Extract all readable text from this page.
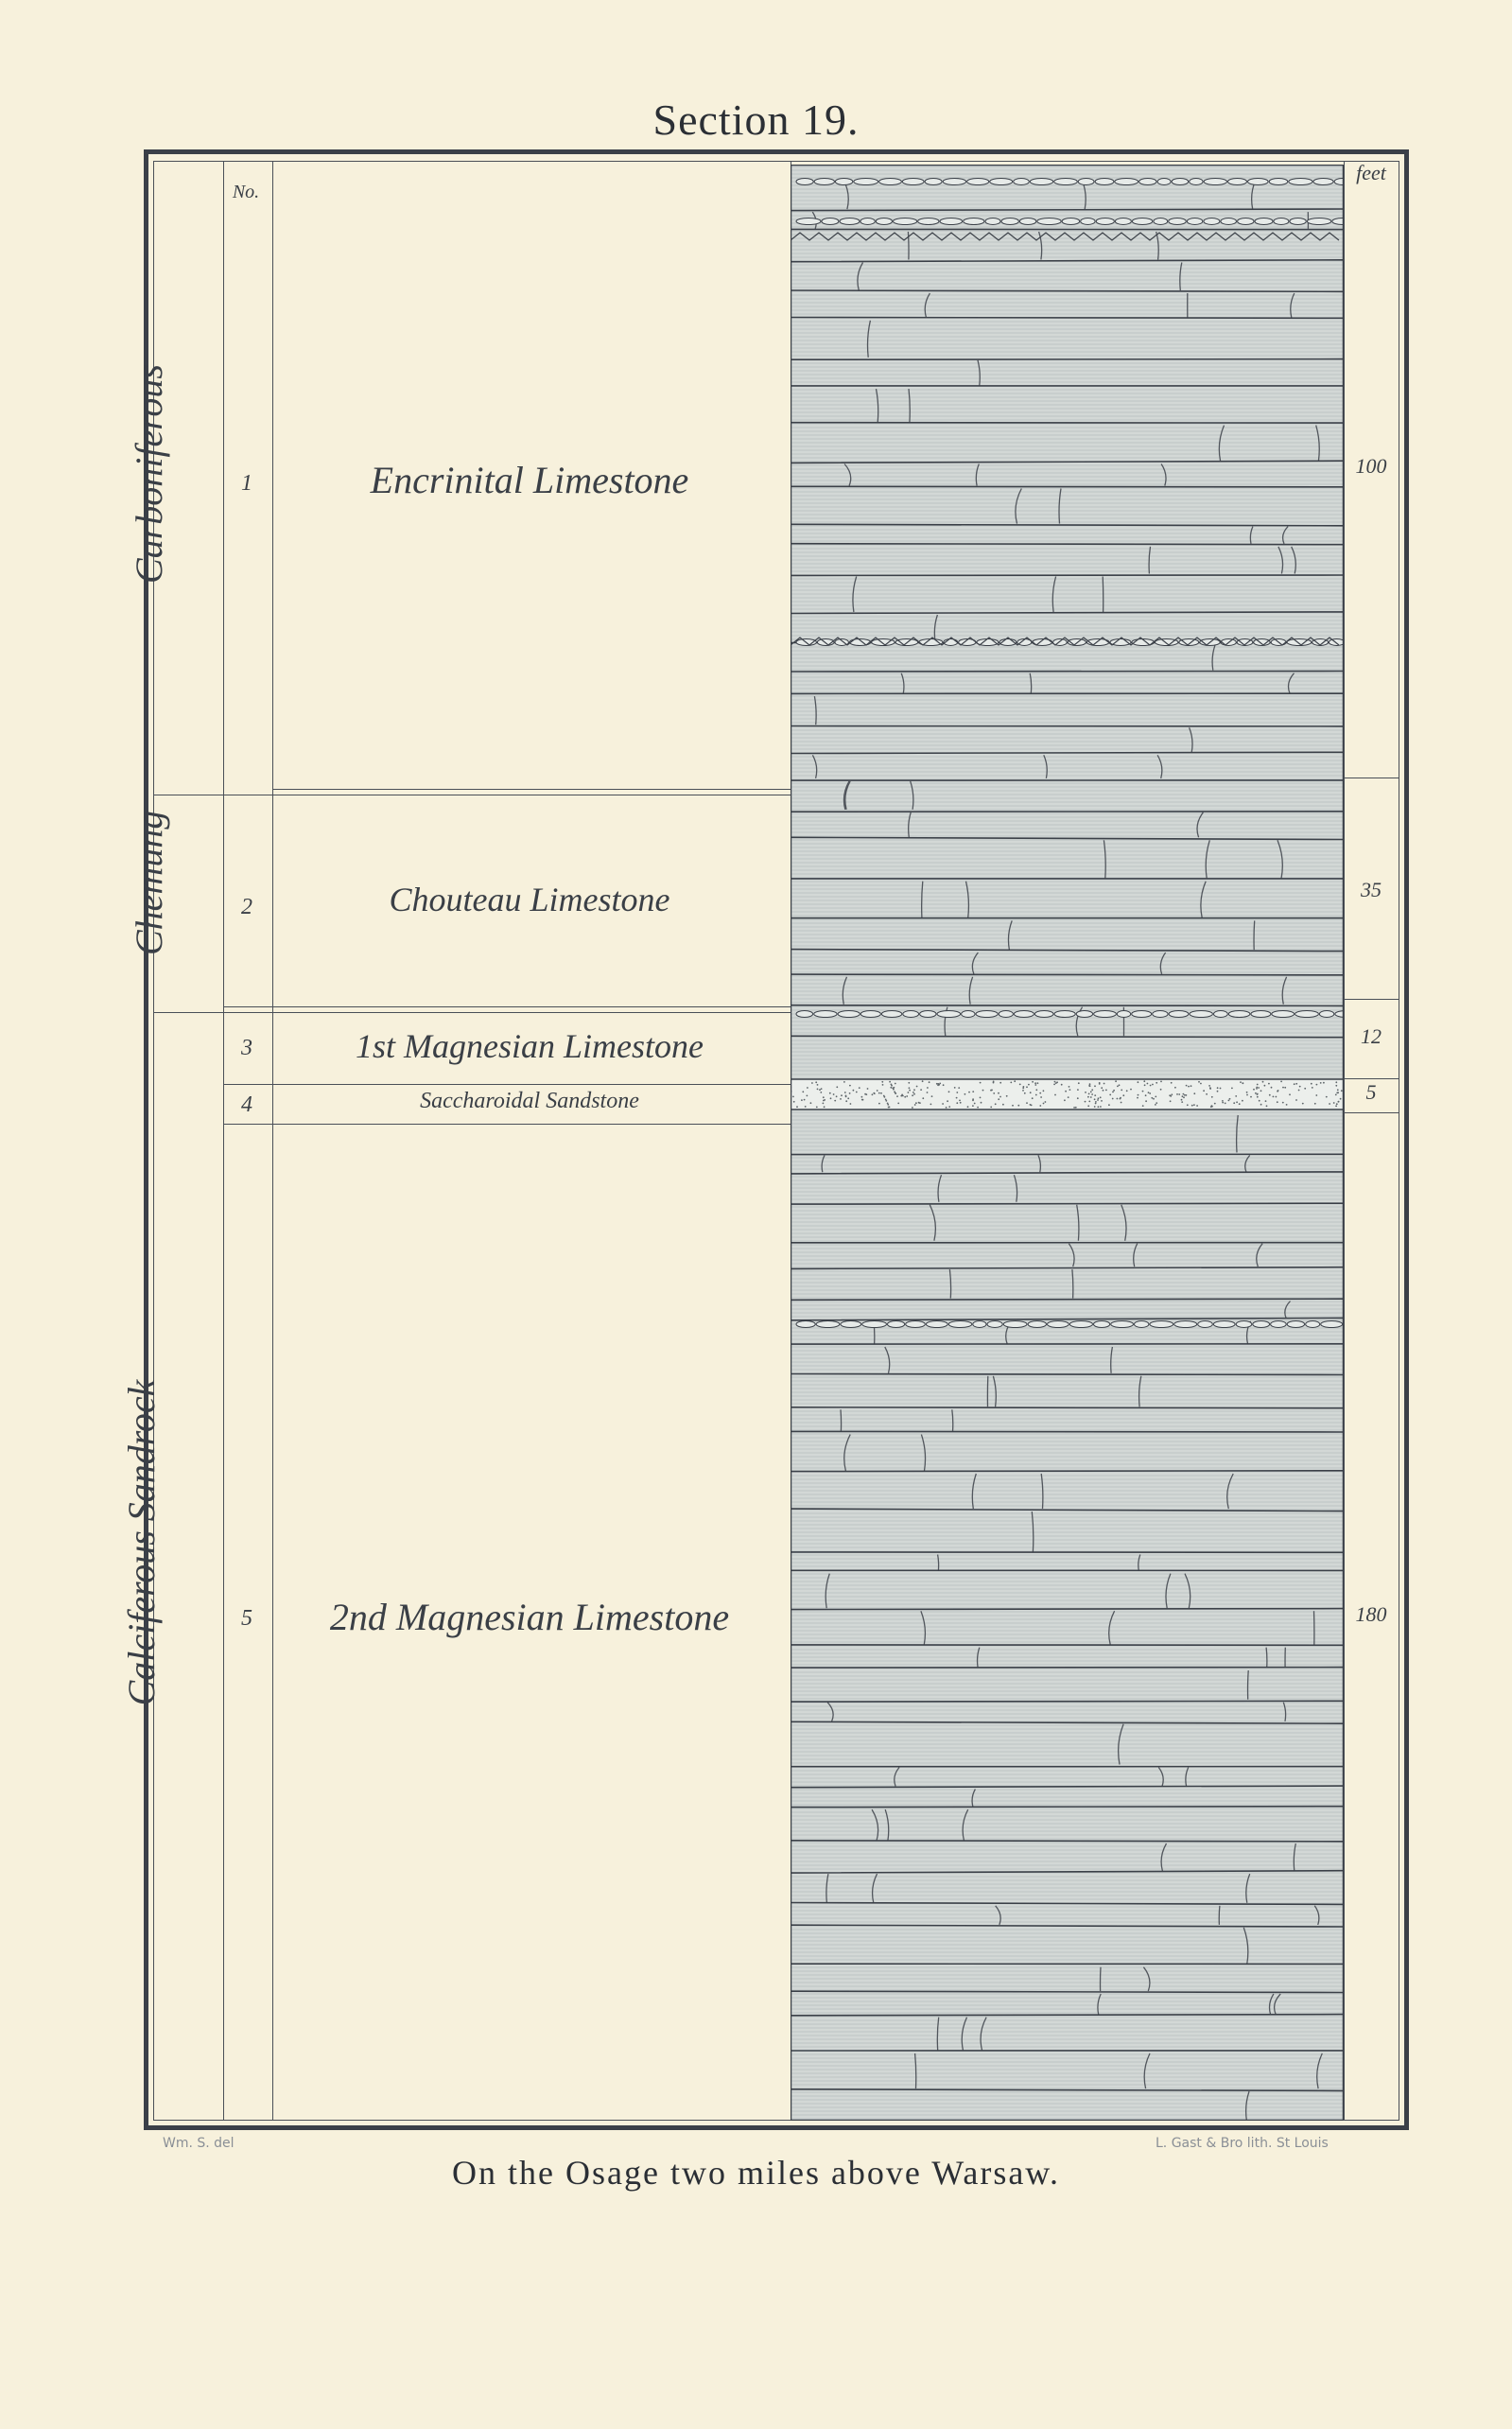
Section 19.
No.
feet
Carboniferous
Chemung
Calciferous Sandrock
1
2
3
4
5
Encrinital Limestone
Chouteau Limestone
1st Magnesian Limestone
Saccharoidal Sandstone
2nd Magnesian Limestone
100
35
12
5
180
Wm. S. del	L. Gast & Bro lith. St Louis
On the Osage two miles above Warsaw.
